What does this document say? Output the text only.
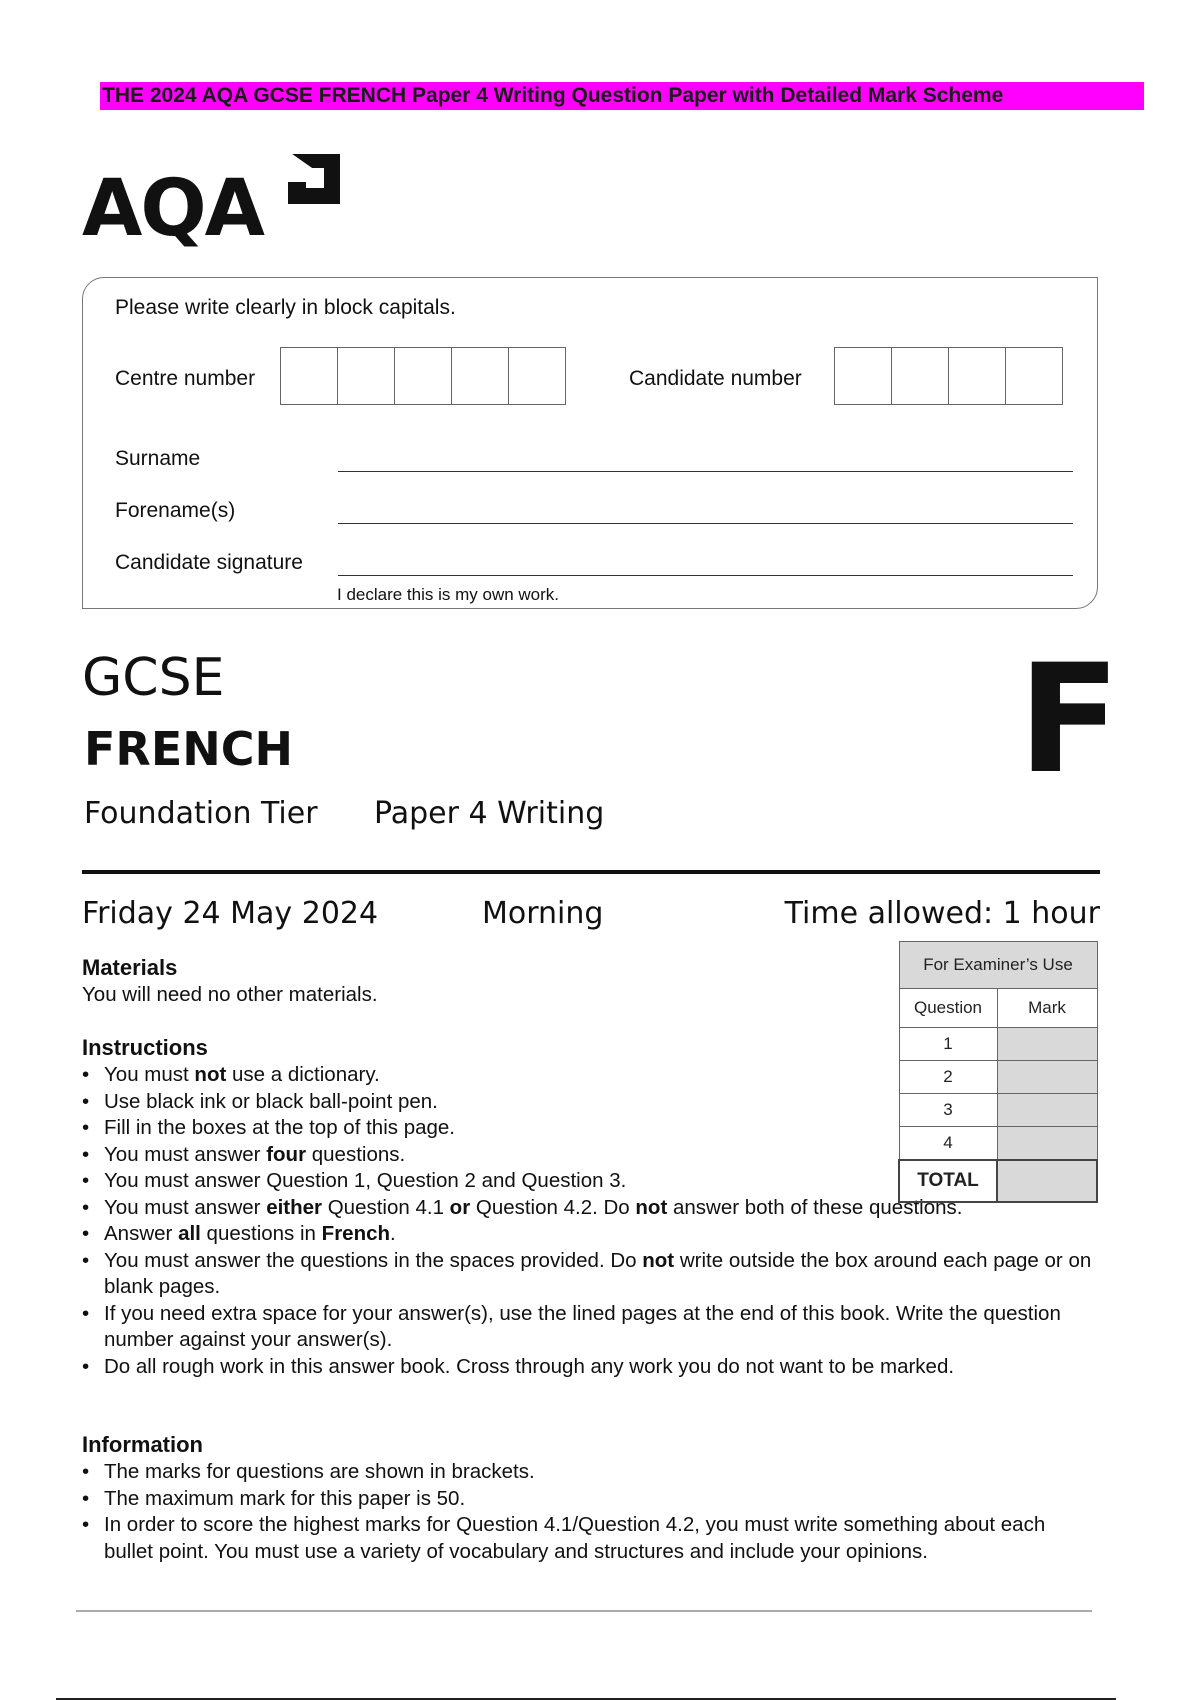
THE 2024 AQA GCSE FRENCH Paper 4 Writing Question Paper with Detailed Mark Scheme
AQA
Please write clearly in block capitals.
Centre number	Candidate number
Surname
Forename(s)
Candidate signature
I declare this is my own work.
GCSE
FRENCH
Foundation Tier Paper 4 Writing
F
Friday 24 May 2024	Morning	Time allowed: 1 hour
Materials

You will need no other materials.

Instructions
• You must not use a dictionary.
• Use black ink or black ball-point pen.
• Fill in the boxes at the top of this page.
• You must answer four questions.
• You must answer Question 1, Question 2 and Question 3.
• You must answer either Question 4.1 or Question 4.2. Do not answer both of these questions.
• Answer all questions in French.
• You must answer the questions in the spaces provided. Do not write outside the box around each page or on blank pages.
• If you need extra space for your answer(s), use the lined pages at the end of this book. Write the question number against your answer(s).
• Do all rough work in this answer book. Cross through any work you do not want to be marked.
Information
• The marks for questions are shown in brackets.
• The maximum mark for this paper is 50.
• In order to score the highest marks for Question 4.1/Question 4.2, you must write something about each bullet point. You must use a variety of vocabulary and structures and include your opinions.
For Examiner’s Use	
Question	Mark
1	
2	
3	
4	
TOTAL	
